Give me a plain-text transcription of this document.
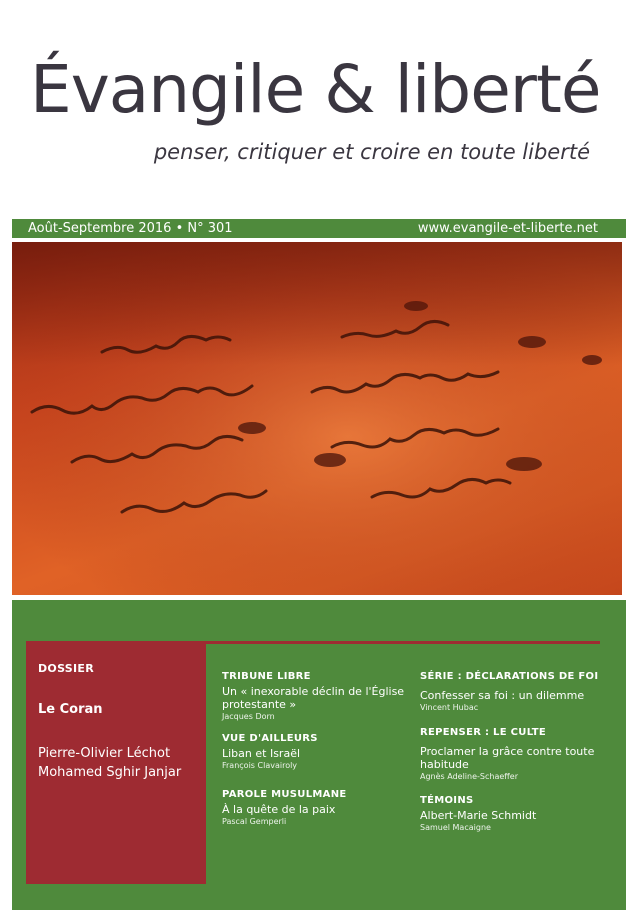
Évangile & liberté
penser, critiquer et croire en toute liberté
Août-Septembre 2016 • N° 301	www.evangile-et-liberte.net
DOSSIER
Le Coran
Pierre-Olivier Léchot
Mohamed Sghir Janjar
TRIBUNE LIBRE
Un « inexorable déclin de l'Église protestante »
Jacques Dorn
VUE D'AILLEURS
Liban et Israël
François Clavairoly
PAROLE MUSULMANE
À la quête de la paix
Pascal Gemperli
SÉRIE : DÉCLARATIONS DE FOI
Confesser sa foi : un dilemme
Vincent Hubac
REPENSER : LE CULTE
Proclamer la grâce contre toute habitude
Agnès Adeline-Schaeffer
TÉMOINS
Albert-Marie Schmidt
Samuel Macaigne
